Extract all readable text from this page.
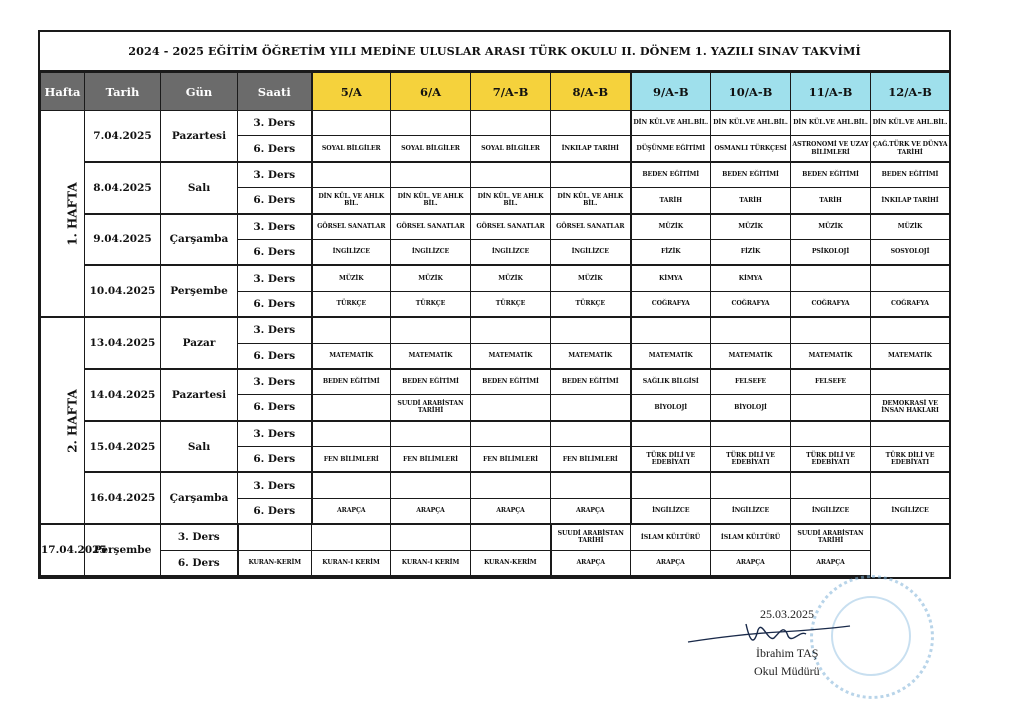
2024 - 2025 EĞİTİM ÖĞRETİM YILI MEDİNE ULUSLAR ARASI TÜRK OKULU II. DÖNEM 1. YAZILI SINAV TAKVİMİ
Hafta	Tarih	Gün	Saati	5/A	6/A	7/A-B	8/A-B	9/A-B	10/A-B	11/A-B	12/A-B
1. HAFTA	7.04.2025	Pazartesi	3. Ders					DİN KÜL.VE AHL.BİL.	DİN KÜL.VE AHL.BİL.	DİN KÜL.VE AHL.BİL.	DİN KÜL.VE AHL.BİL.
			6. Ders	SOYAL BİLGİLER	SOYAL BİLGİLER	SOYAL BİLGİLER	İNKILAP TARİHİ	DÜŞÜNME EĞİTİMİ	OSMANLI TÜRKÇESİ	ASTRONOMİ VE UZAY BİLİMLERİ	ÇAĞ.TÜRK VE DÜNYA TARİHİ
	8.04.2025	Salı	3. Ders					BEDEN EĞİTİMİ	BEDEN EĞİTİMİ	BEDEN EĞİTİMİ	BEDEN EĞİTİMİ
			6. Ders	DİN KÜL. VE AHLK BİL.	DİN KÜL. VE AHLK BİL.	DİN KÜL. VE AHLK BİL.	DİN KÜL. VE AHLK BİL.	TARİH	TARİH	TARİH	İNKILAP TARİHİ
	9.04.2025	Çarşamba	3. Ders	GÖRSEL SANATLAR	GÖRSEL SANATLAR	GÖRSEL SANATLAR	GÖRSEL SANATLAR	MÜZİK	MÜZİK	MÜZİK	MÜZİK
			6. Ders	İNGİLİZCE	İNGİLİZCE	İNGİLİZCE	İNGİLİZCE	FİZİK	FİZİK	PSİKOLOJİ	SOSYOLOJİ
	10.04.2025	Perşembe	3. Ders	MÜZİK	MÜZİK	MÜZİK	MÜZİK	KİMYA	KİMYA		
			6. Ders	TÜRKÇE	TÜRKÇE	TÜRKÇE	TÜRKÇE	COĞRAFYA	COĞRAFYA	COĞRAFYA	COĞRAFYA
2. HAFTA	13.04.2025	Pazar	3. Ders								
			6. Ders	MATEMATİK	MATEMATİK	MATEMATİK	MATEMATİK	MATEMATİK	MATEMATİK	MATEMATİK	MATEMATİK
	14.04.2025	Pazartesi	3. Ders	BEDEN EĞİTİMİ	BEDEN EĞİTİMİ	BEDEN EĞİTİMİ	BEDEN EĞİTİMİ	SAĞLIK BİLGİSİ	FELSEFE	FELSEFE	
			6. Ders		SUUDİ ARABİSTAN TARİHİ			BİYOLOJİ	BİYOLOJİ		DEMOKRASİ VE İNSAN HAKLARI
	15.04.2025	Salı	3. Ders								
			6. Ders	FEN BİLİMLERİ	FEN BİLİMLERİ	FEN BİLİMLERİ	FEN BİLİMLERİ	TÜRK DİLİ VE EDEBİYATI	TÜRK DİLİ VE EDEBİYATI	TÜRK DİLİ VE EDEBİYATI	TÜRK DİLİ VE EDEBİYATI
	16.04.2025	Çarşamba	3. Ders								
			6. Ders	ARAPÇA	ARAPÇA	ARAPÇA	ARAPÇA	İNGİLİZCE	İNGİLİZCE	İNGİLİZCE	İNGİLİZCE
17.04.2025	Perşembe	3. Ders					SUUDİ ARABİSTAN TARİHİ	İSLAM KÜLTÜRÜ	İSLAM KÜLTÜRÜ	SUUDİ ARABİSTAN TARİHİ	
		6. Ders	KURAN-KERİM	KURAN-I KERİM	KURAN-I KERİM	KURAN-KERİM	ARAPÇA	ARAPÇA	ARAPÇA	ARAPÇA	
25.03.2025
İbrahim TAŞ
Okul Müdürü
